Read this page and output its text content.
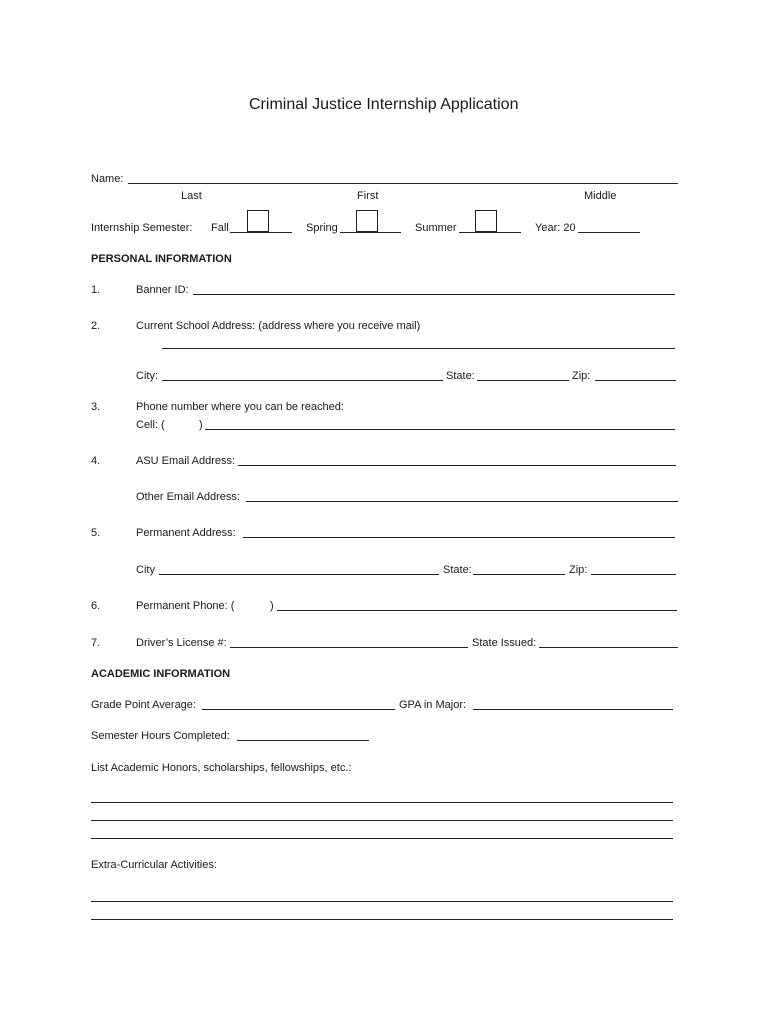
Criminal Justice Internship Application
Name:
Last	First	Middle
Internship Semester: Fall	Spring	Summer	Year: 20
PERSONAL INFORMATION
1.	Banner ID:
2.	Current School Address: (address where you receive mail)
City:	State:	Zip:
3.	Phone number where you can be reached:
Cell: (	)
4.	ASU Email Address:
Other Email Address:
5.	Permanent Address:
City	State:	Zip:
6.	Permanent Phone: (	)
7.	Driver’s License #:	State Issued:
ACADEMIC INFORMATION
Grade Point Average:	GPA in Major:
Semester Hours Completed:
List Academic Honors, scholarships, fellowships, etc.:
Extra-Curricular Activities:
